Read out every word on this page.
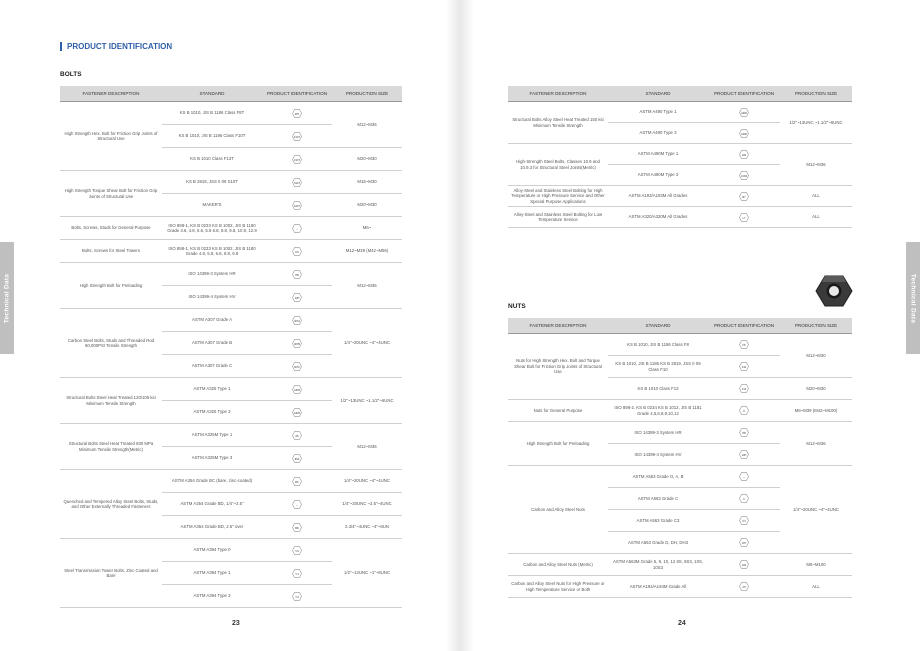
Technical Data
PRODUCT IDENTIFICATION
BOLTS
FASTENER DESCRIPTION	STANDARD	PRODUCT IDENTIFICATION	PRODUCTION SIZE
High Strength Hex. Bolt for Friction Grip Joints of Structural Use	KS B 1010, JIS B 1186 Class F8T	F8T	M12~M36
	KS B 1010, JIS B 1186 Class F10T	F10T	

	KS B 1010 Class F13T	F13T	M20~M30
High Strength Torque Shear Bolt for Friction Grip Joints of Structural Use	KS B 2819, JSS II 09 S10T	S10T	M16~M30
	MAKER'S	S13T	M20~M30
Bolts, Screws, Studs for General Purpose	ISO 898-1, KS B 0233 KS B 1002, JIS B 1180 Grade 4.6, 4.8, 5.6, 5.8 6.8, 8.8, 9.8, 10.9, 12.9	--	M6~
Bolts, Screws for Steel Towers	ISO 898-1, KS B 0233 KS B 1002, JIS B 1180 Grade 4.8, 5.8, 6.8, 8.8, 9.8	8.8	M12~M39 (M42~M56)
High Strength Bolt for Preloading	ISO 14399-3 System HR	HR	M12~M36
	ISO 14399-4 System HV	10H	

Carbon Steel Bolts, Studs and Threaded Rod 60,000PSI Tensile Strength	ASTM A307 Grade A	307A	1/4"~20UNC ~4"~4UNC
	ASTM A307 Grade B	307B	

	ASTM A307 Grade C	307C	

Structural Bolts Steel Heat Treated 120/105 ksi Minimum Tensile Strength	ASTM A325 Type 1	A325	1/2"~13UNC ~1.1/2"~6UNC
	ASTM A325 Type 3	A325	

Structural Bolts Steel Heat Treated 830 MPa Minimum Tensile Strength(Metric)	ASTM A325M Type 1	8S	M12~M36
	ASTM A325M Type 3	8S3	

Quenched and Tempered Alloy Steel Bolts, Studs, and Other Externally Threaded Fasteners	ASTM A354 Grade BC (bare, zinc-coated)	BC	1/4"~20UNC ~4"~4UNC
	ASTM A354 Grade BD, 1/4"~2.5"	--	1/4"~20UNC ~2.5"~4UNC
	ASTM A354 Grade BD, 2.5" over	BD	2.3/4"~4UNC ~4"~8UN
Steel Transmission Tower Bolts, Zinc Coated and Bare	ASTM A394 Type 0	T-0	1/2"~13UNC ~1"~8UNC
	ASTM A394 Type 1	T-1	

	ASTM A394 Type 3	T-3	
23
Technical Data
FASTENER DESCRIPTION	STANDARD	PRODUCT IDENTIFICATION	PRODUCTION SIZE
Structural Bolts Alloy Steel Heat Treated 150 ksi Minimum Tensile Strength	ASTM A490 Type 1	A490	1/2"~13UNC ~1.1/2"~6UNC
	ASTM A490 Type 3	A490	

High-Strength Steel Bolts, Classes 10.9 and 10.9.3 for Structural Steel Joints(Metric)	ASTM A490M Type 1	10S	M12~M36
	ASTM A490M Type 3	10S3	

Alloy-Steel and Stainless Steel Bolting for High Temperature or High Pressure Service and Other Special Purpose Applications	ASTM A193/A193M All Grades	B7	ALL
Alloy-Steel and Stainless Steel Bolting for Low Temperature Service	ASTM A320/A320M All Grades	L7	ALL
NUTS
FASTENER DESCRIPTION	STANDARD	PRODUCT IDENTIFICATION	PRODUCTION SIZE
Nuts for High Strength Hex. Bolt and Torque Shear Bolt for Friction Grip Joints of Structural Use	KS B 1010, JIS B 1186 Class F8	F8	M12~M30
	KS B 1010, JIS B 1186 KS B 2819, JSS II 09 Class F10	F10	

	KS B 1010 Class F13	F13	M20~M30
Nuts for General Purpose	ISO 898-2, KS B 0234 KS B 1012, JIS B 1181 Grade 4,5,6,8,9,10,12	8	M6~M39 (M42~M100)
High Strength Bolt for Preloading	ISO 14399-3 System HR	HR	M12~M36
	ISO 14399-4 System HV	10H	

Carbon and Alloy Steel Nuts	ASTM A563 Grade O, A, B	--	1/4"~20UNC ~4"~4UNC
	ASTM A563 Grade C	C	

	ASTM A563 Grade C3	C3	

	ASTM A563 Grade D, DH, DH3	DH	

Carbon and Alloy Steel Nuts (Metric)	ASTM A563M Grade 5, 9, 10, 12 8S, 8S3, 10S, 10S3	10S	M6~M100
Carbon and Alloy Steel Nuts for High Pressure or High Temperature Service or Both	ASTM A194/A194M Grade All	2H	ALL
24
